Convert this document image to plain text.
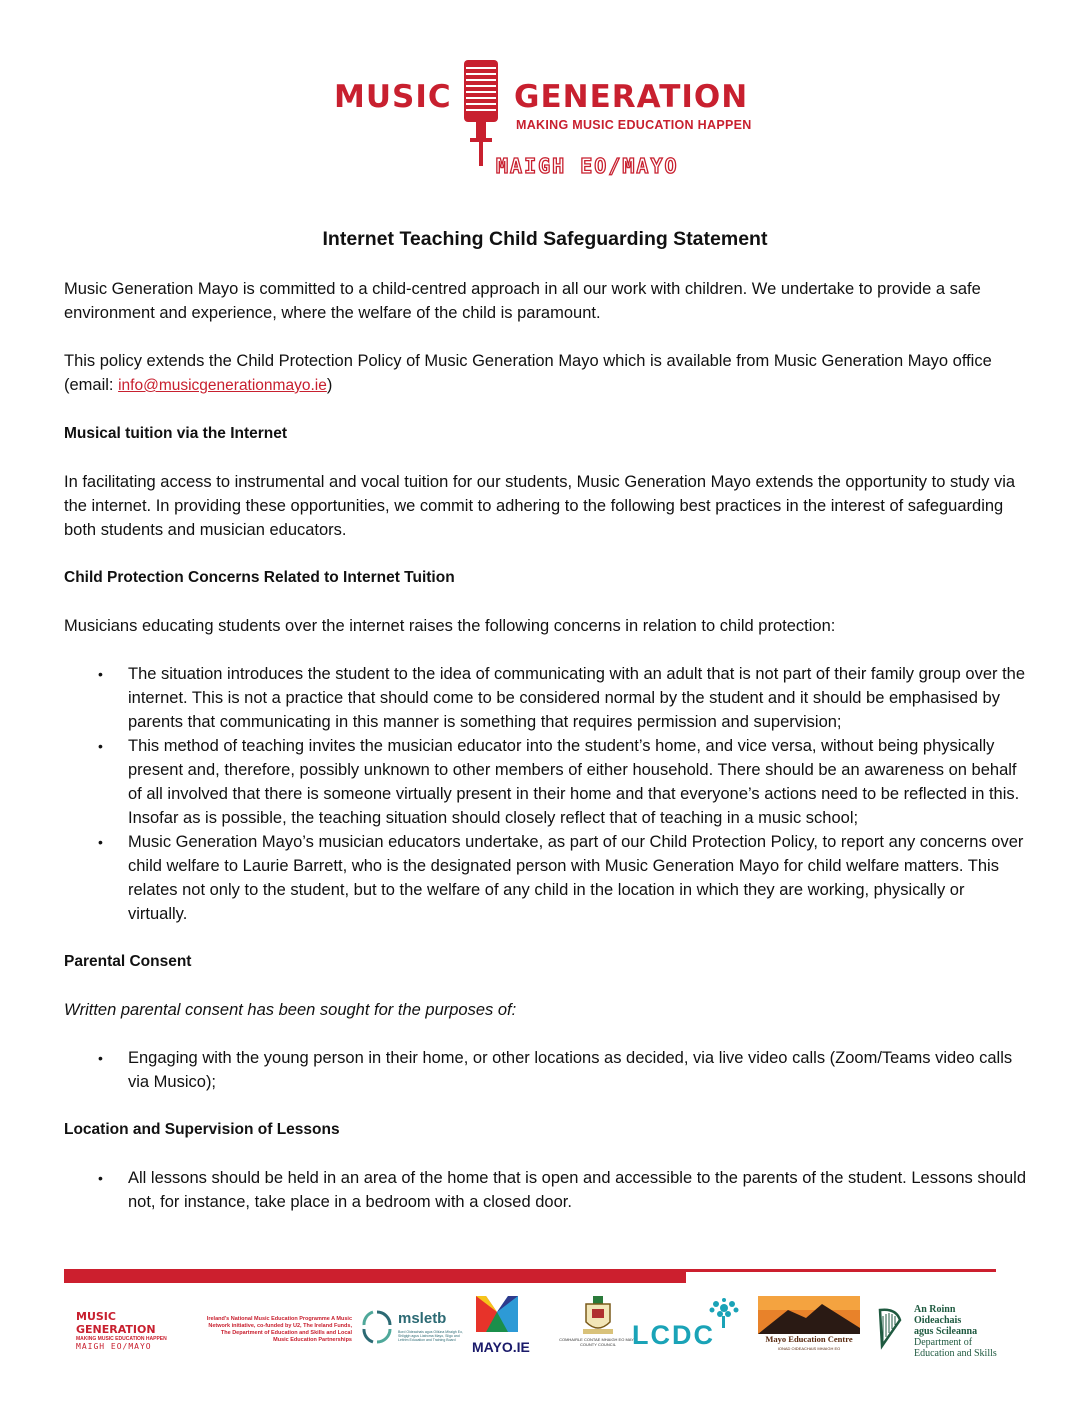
MUSIC GENERATION
MAKING MUSIC EDUCATION HAPPEN
MAIGH EO/MAYO
Internet Teaching Child Safeguarding Statement

Music Generation Mayo is committed to a child-centred approach in all our work with children. We undertake to provide a safe environment and experience, where the welfare of the child is paramount.

This policy extends the Child Protection Policy of Music Generation Mayo which is available from Music Generation Mayo office (email: info@musicgenerationmayo.ie)

Musical tuition via the Internet

In facilitating access to instrumental and vocal tuition for our students, Music Generation Mayo extends the opportunity to study via the internet. In providing these opportunities, we commit to adhering to the following best practices in the interest of safeguarding both students and musician educators.

Child Protection Concerns Related to Internet Tuition

Musicians educating students over the internet raises the following concerns in relation to child protection:

• The situation introduces the student to the idea of communicating with an adult that is not part of their family group over the internet. This is not a practice that should come to be considered normal by the student and it should be emphasised by parents that communicating in this manner is something that requires permission and supervision;
• This method of teaching invites the musician educator into the student’s home, and vice versa, without being physically present and, therefore, possibly unknown to other members of either household. There should be an awareness on behalf of all involved that there is someone virtually present in their home and that everyone’s actions need to be reflected in this. Insofar as is possible, the teaching situation should closely reflect that of teaching in a music school;
• Music Generation Mayo’s musician educators undertake, as part of our Child Protection Policy, to report any concerns over child welfare to Laurie Barrett, who is the designated person with Music Generation Mayo for child welfare matters. This relates not only to the student, but to the welfare of any child in the location in which they are working, physically or virtually.
Parental Consent

Written parental consent has been sought for the purposes of:

• Engaging with the young person in their home, or other locations as decided, via live video calls (Zoom/Teams video calls via Musico);
Location and Supervision of Lessons
• All lessons should be held in an area of the home that is open and accessible to the parents of the student. Lessons should not, for instance, take place in a bedroom with a closed door.
MUSIC GENERATION
MAKING MUSIC EDUCATION HAPPEN
MAIGH EO/MAYO
Ireland’s National Music Education Programme A Music Network initiative, co-funded by U2, The Ireland Funds, The Department of Education and Skills and Local Music Education Partnerships
msletb
Bord Oideachais agus Oiliúna Mhaigh Eo, Shligigh agus Liatroma Mayo, Sligo and Leitrim Education and Training Board	MAYO.IE	COMHAIRLE CONTAE MHAIGH EO MAYO COUNTY COUNCIL LCDC	Mayo Education Centre
IONAD OIDEACHAIS MHAIGH EO
An Roinn Oideachais
agus Scileanna
Department of
Education and Skills
